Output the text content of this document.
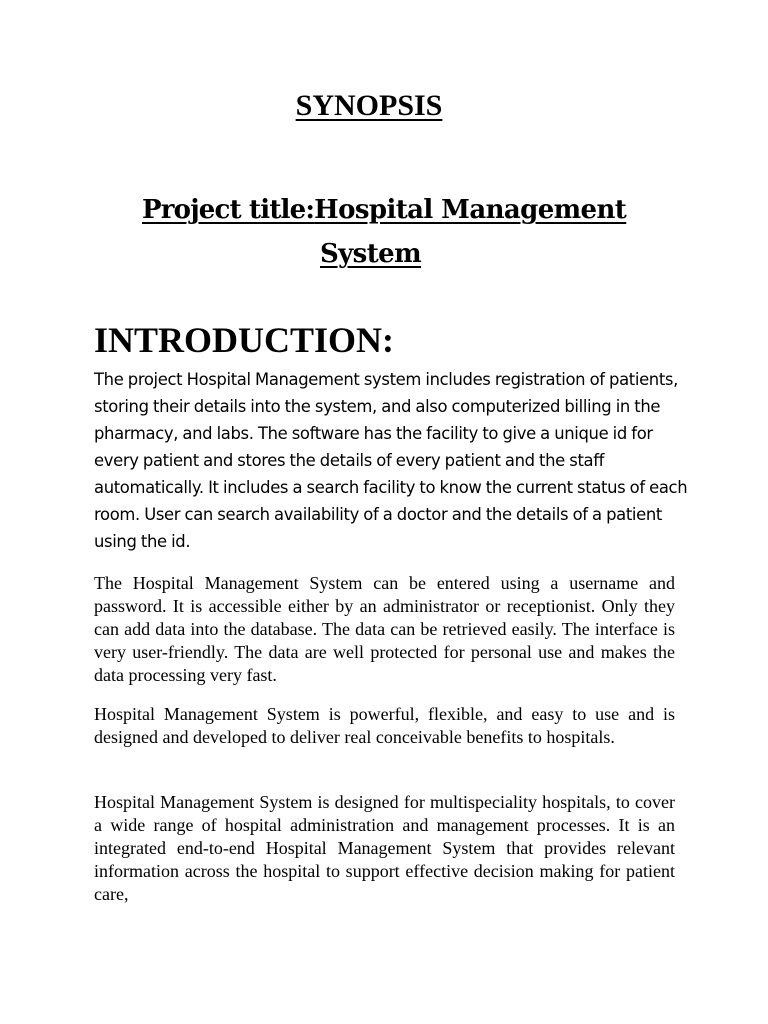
SYNOPSIS
Project title:Hospital Management
System
INTRODUCTION:

The project Hospital Management system includes registration of patients, storing their details into the system, and also computerized billing in the pharmacy, and labs. The software has the facility to give a unique id for every patient and stores the details of every patient and the staff automatically. It includes a search facility to know the current status of each room. User can search availability of a doctor and the details of a patient using the id.

The Hospital Management System can be entered using a username and password. It is accessible either by an administrator or receptionist. Only they can add data into the database. The data can be retrieved easily. The interface is very user-friendly. The data are well protected for personal use and makes the data processing very fast.

Hospital Management System is powerful, flexible, and easy to use and is designed and developed to deliver real conceivable benefits to hospitals.

Hospital Management System is designed for multispeciality hospitals, to cover a wide range of hospital administration and management processes. It is an integrated end-to-end Hospital Management System that provides relevant information across the hospital to support effective decision making for patient care,
